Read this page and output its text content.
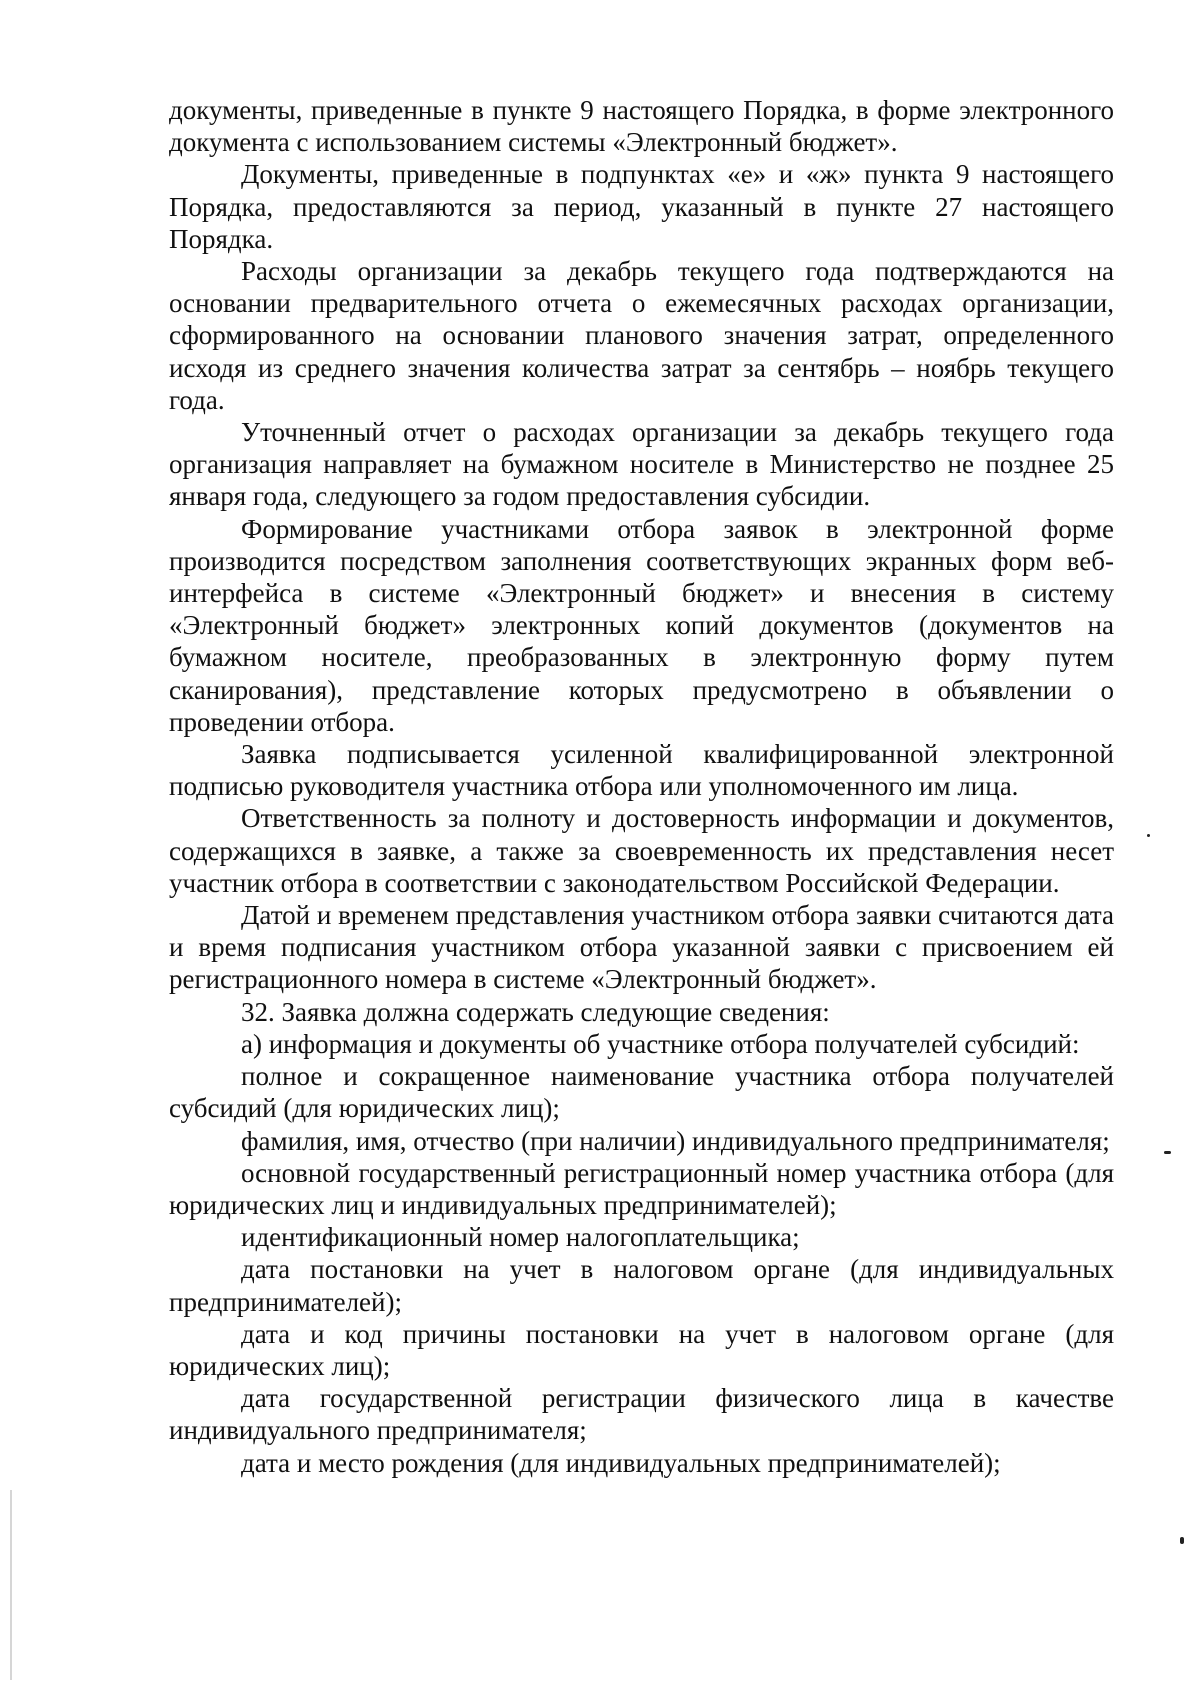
документы, приведенные в пункте 9 настоящего Порядка, в форме электронного документа с использованием системы «Электронный бюджет».

Документы, приведенные в подпунктах «е» и «ж» пункта 9 настоящего Порядка, предоставляются за период, указанный в пункте 27 настоящего Порядка.

Расходы организации за декабрь текущего года подтверждаются на основании предварительного отчета о ежемесячных расходах организации, сформированного на основании планового значения затрат, определенного исходя из среднего значения количества затрат за сентябрь – ноябрь текущего года.

Уточненный отчет о расходах организации за декабрь текущего года организация направляет на бумажном носителе в Министерство не позднее 25 января года, следующего за годом предоставления субсидии.

Формирование участниками отбора заявок в электронной форме производится посредством заполнения соответствующих экранных форм веб-интерфейса в системе «Электронный бюджет» и внесения в систему «Электронный бюджет» электронных копий документов (документов на бумажном носителе, преобразованных в электронную форму путем сканирования), представление которых предусмотрено в объявлении о проведении отбора.

Заявка подписывается усиленной квалифицированной электронной подписью руководителя участника отбора или уполномоченного им лица.

Ответственность за полноту и достоверность информации и документов, содержащихся в заявке, а также за своевременность их представления несет участник отбора в соответствии с законодательством Российской Федерации.

Датой и временем представления участником отбора заявки считаются дата и время подписания участником отбора указанной заявки с присвоением ей регистрационного номера в системе «Электронный бюджет».

32. Заявка должна содержать следующие сведения:

а) информация и документы об участнике отбора получателей субсидий:

полное и сокращенное наименование участника отбора получателей субсидий (для юридических лиц);

фамилия, имя, отчество (при наличии) индивидуального предпринимателя;

основной государственный регистрационный номер участника отбора (для юридических лиц и индивидуальных предпринимателей);

идентификационный номер налогоплательщика;

дата постановки на учет в налоговом органе (для индивидуальных предпринимателей);

дата и код причины постановки на учет в налоговом органе (для юридических лиц);

дата государственной регистрации физического лица в качестве индивидуального предпринимателя;

дата и место рождения (для индивидуальных предпринимателей);
